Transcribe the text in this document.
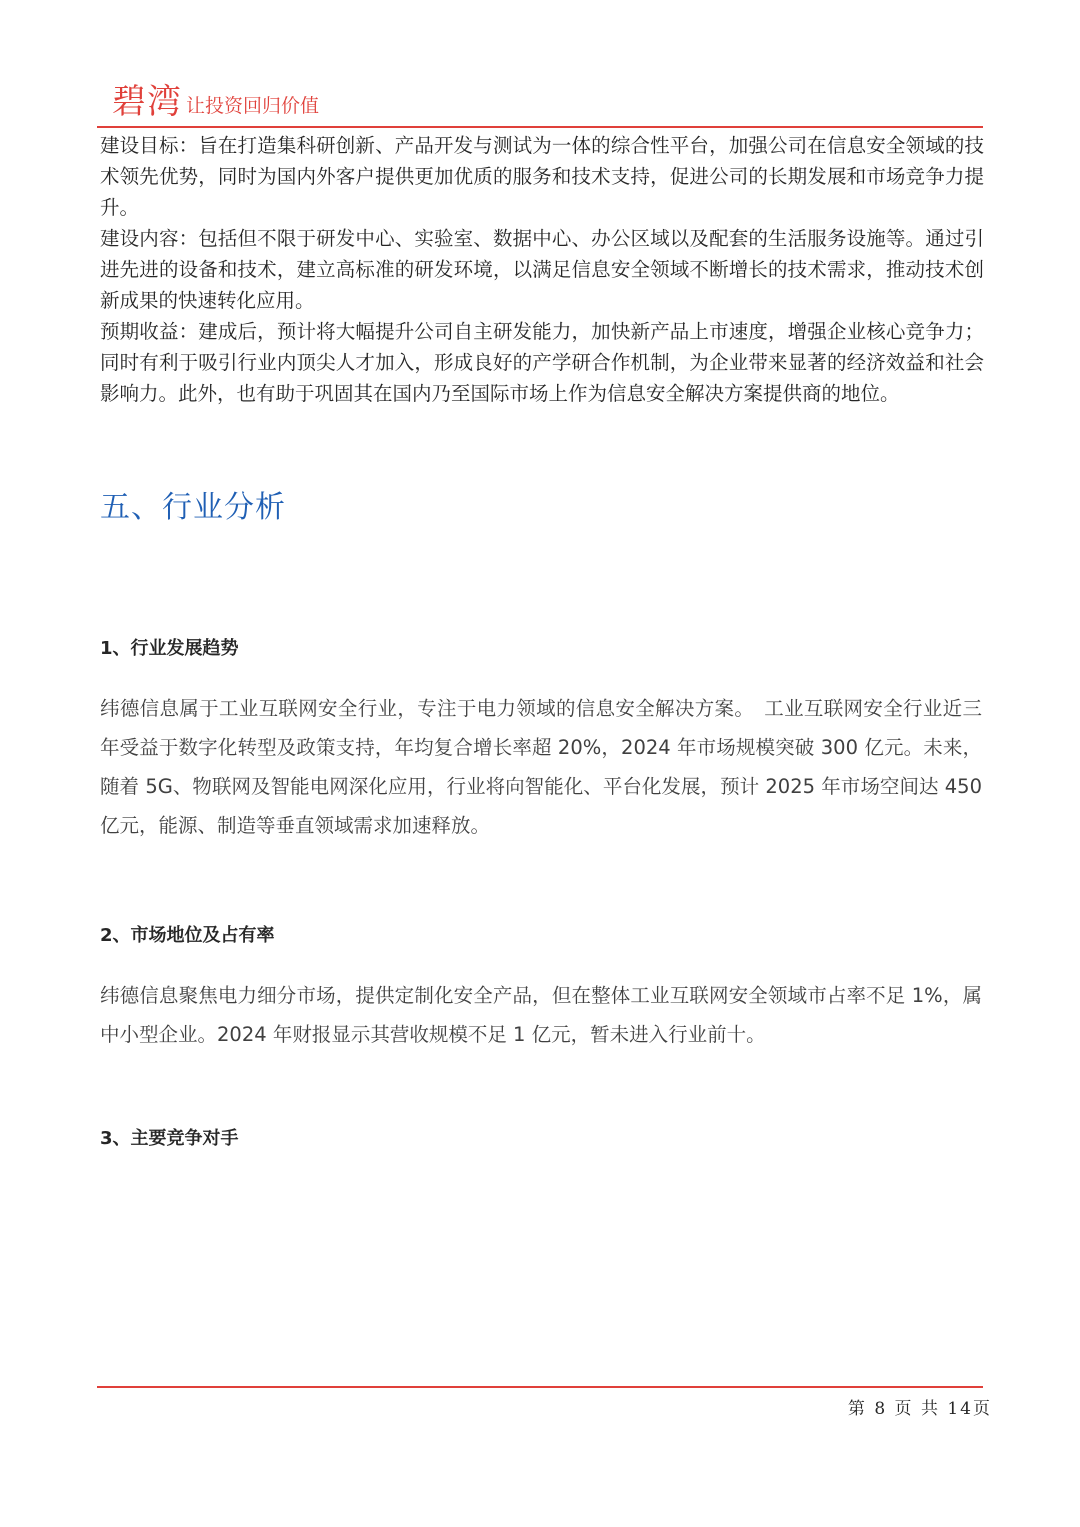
碧湾 让投资回归价值

建设目标：旨在打造集科研创新、产品开发与测试为一体的综合性平台，加强公司在信息安全领域的技术领先优势，同时为国内外客户提供更加优质的服务和技术支持，促进公司的长期发展和市场竞争力提升。

建设内容：包括但不限于研发中心、实验室、数据中心、办公区域以及配套的生活服务设施等。通过引进先进的设备和技术，建立高标准的研发环境，以满足信息安全领域不断增长的技术需求，推动技术创新成果的快速转化应用。

预期收益：建成后，预计将大幅提升公司自主研发能力，加快新产品上市速度，增强企业核心竞争力；同时有利于吸引行业内顶尖人才加入，形成良好的产学研合作机制，为企业带来显著的经济效益和社会影响力。此外，也有助于巩固其在国内乃至国际市场上作为信息安全解决方案提供商的地位。

五、行业分析
1、行业发展趋势

纬德信息属于工业互联网安全行业，专注于电力领域的信息安全解决方案。　工业互联网安全行业近三年受益于数字化转型及政策支持，年均复合增长率超 20%，2024 年市场规模突破 300 亿元。未来，随着 5G、物联网及智能电网深化应用，行业将向智能化、平台化发展，预计 2025 年市场空间达 450 亿元，能源、制造等垂直领域需求加速释放。

2、市场地位及占有率

纬德信息聚焦电力细分市场，提供定制化安全产品，但在整体工业互联网安全领域市占率不足 1%，属中小型企业。2024 年财报显示其营收规模不足 1 亿元，暂未进入行业前十。

3、主要竞争对手
第 8 页 共 14页
